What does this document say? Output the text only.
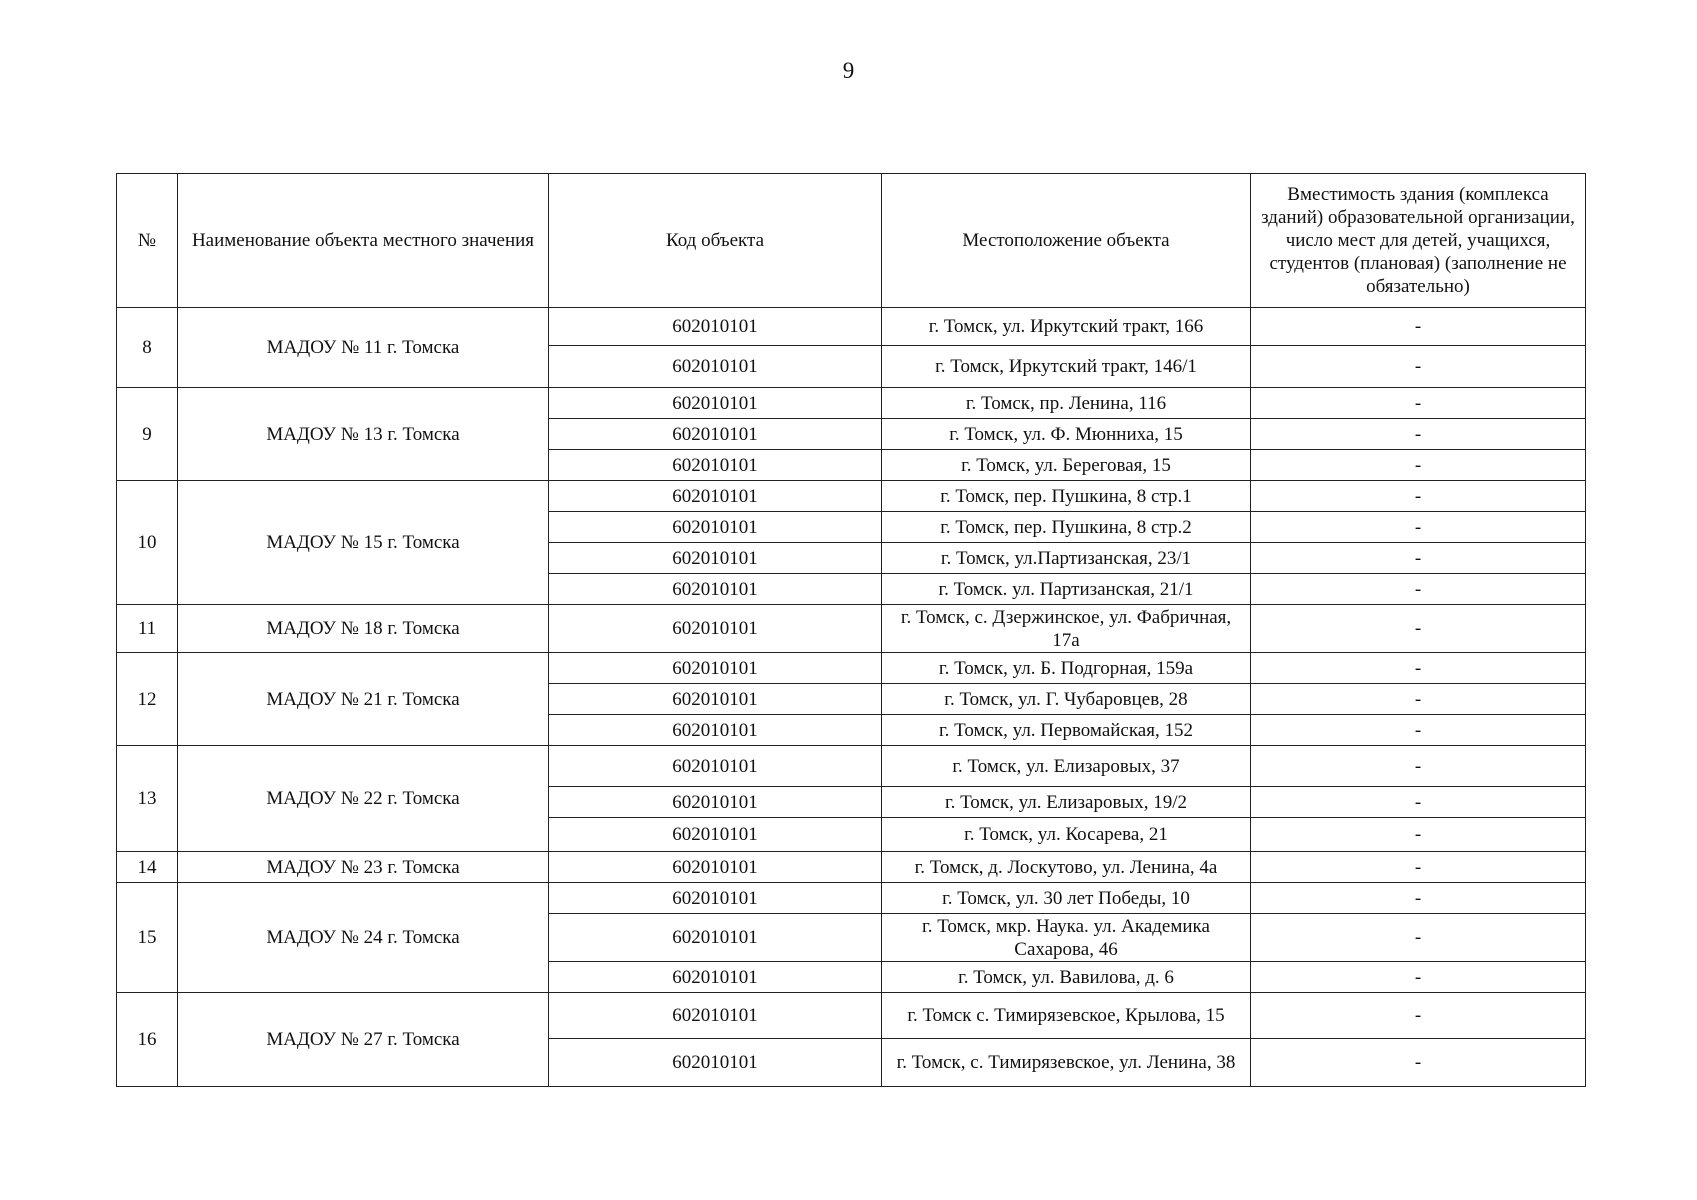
9
№	Наименование объекта местного значения	Код объекта	Местоположение объекта	Вместимость здания (комплекса зданий) образовательной организации, число мест для детей, учащихся, студентов (плановая) (заполнение не обязательно)
8	МАДОУ № 11 г. Томска	602010101	г. Томск, ул. Иркутский тракт, 166	-
		602010101	г. Томск, Иркутский тракт, 146/1	-
9	МАДОУ № 13 г. Томска	602010101	г. Томск, пр. Ленина, 116	-
		602010101	г. Томск, ул. Ф. Мюнниха, 15	-
		602010101	г. Томск, ул. Береговая, 15	-
10	МАДОУ № 15 г. Томска	602010101	г. Томск, пер. Пушкина, 8 стр.1	-
		602010101	г. Томск, пер. Пушкина, 8 стр.2	-
		602010101	г. Томск, ул.Партизанская, 23/1	-
		602010101	г. Томск. ул. Партизанская, 21/1	-
11	МАДОУ № 18 г. Томска	602010101	г. Томск, с. Дзержинское, ул. Фабричная, 17а	-
12	МАДОУ № 21 г. Томска	602010101	г. Томск, ул. Б. Подгорная, 159а	-
		602010101	г. Томск, ул. Г. Чубаровцев, 28	-
		602010101	г. Томск, ул. Первомайская, 152	-
13	МАДОУ № 22 г. Томска	602010101	г. Томск, ул. Елизаровых, 37	-
		602010101	г. Томск, ул. Елизаровых, 19/2	-
		602010101	г. Томск, ул. Косарева, 21	-
14	МАДОУ № 23 г. Томска	602010101	г. Томск, д. Лоскутово, ул. Ленина, 4а	-
15	МАДОУ № 24 г. Томска	602010101	г. Томск, ул. 30 лет Победы, 10	-
		602010101	г. Томск, мкр. Наука. ул. Академика Сахарова, 46	-
		602010101	г. Томск, ул. Вавилова, д. 6	-
16	МАДОУ № 27 г. Томска	602010101	г. Томск с. Тимирязевское, Крылова, 15	-
		602010101	г. Томск, с. Тимирязевское, ул. Ленина, 38	-
